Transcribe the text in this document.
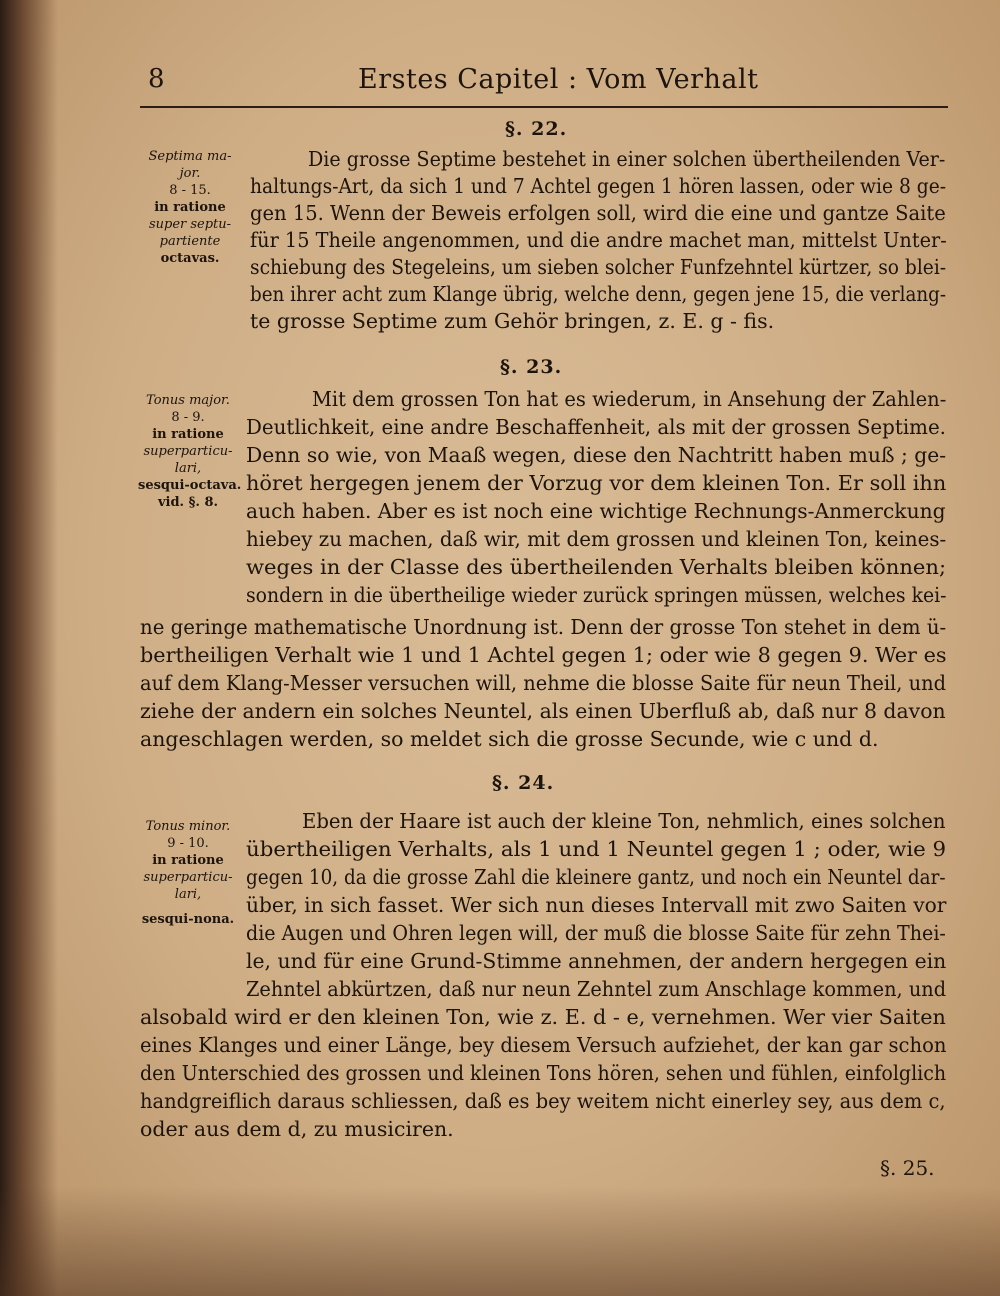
8	Erstes Capitel : Vom Verhalt
§. 22.
Septima ma-
jor.
8 - 15.
in ratione
super septu-
partiente
octavas.
Die grosse Septime bestehet in einer solchen übertheilenden Ver-
haltungs-Art, da sich 1 und 7 Achtel gegen 1 hören lassen, oder wie 8 ge-
gen 15. Wenn der Beweis erfolgen soll, wird die eine und gantze Saite
für 15 Theile angenommen, und die andre machet man, mittelst Unter-
schiebung des Stegeleins, um sieben solcher Funfzehntel kürtzer, so blei-
ben ihrer acht zum Klange übrig, welche denn, gegen jene 15, die verlang-
te grosse Septime zum Gehör bringen, z. E. g - fis.
§. 23.
Tonus major.
8 - 9.
in ratione
superparticu-
lari,
sesqui-octava.
vid. §. 8.
Mit dem grossen Ton hat es wiederum, in Ansehung der Zahlen-
Deutlichkeit, eine andre Beschaffenheit, als mit der grossen Septime.
Denn so wie, von Maaß wegen, diese den Nachtritt haben muß ; ge-
höret hergegen jenem der Vorzug vor dem kleinen Ton. Er soll ihn
auch haben. Aber es ist noch eine wichtige Rechnungs-Anmerckung
hiebey zu machen, daß wir, mit dem grossen und kleinen Ton, keines-
weges in der Classe des übertheilenden Verhalts bleiben können;
sondern in die übertheilige wieder zurück springen müssen, welches kei-
ne geringe mathematische Unordnung ist. Denn der grosse Ton stehet in dem ü-
bertheiligen Verhalt wie 1 und 1 Achtel gegen 1; oder wie 8 gegen 9. Wer es
auf dem Klang-Messer versuchen will, nehme die blosse Saite für neun Theil, und
ziehe der andern ein solches Neuntel, als einen Uberfluß ab, daß nur 8 davon
angeschlagen werden, so meldet sich die grosse Secunde, wie c und d.
§. 24.
Tonus minor.
9 - 10.
in ratione
superparticu-
lari,
sesqui-nona.
Eben der Haare ist auch der kleine Ton, nehmlich, eines solchen
übertheiligen Verhalts, als 1 und 1 Neuntel gegen 1 ; oder, wie 9
gegen 10, da die grosse Zahl die kleinere gantz, und noch ein Neuntel dar-
über, in sich fasset. Wer sich nun dieses Intervall mit zwo Saiten vor
die Augen und Ohren legen will, der muß die blosse Saite für zehn Thei-
le, und für eine Grund-Stimme annehmen, der andern hergegen ein
Zehntel abkürtzen, daß nur neun Zehntel zum Anschlage kommen, und
alsobald wird er den kleinen Ton, wie z. E. d - e, vernehmen. Wer vier Saiten
eines Klanges und einer Länge, bey diesem Versuch aufziehet, der kan gar schon
den Unterschied des grossen und kleinen Tons hören, sehen und fühlen, einfolglich
handgreiflich daraus schliessen, daß es bey weitem nicht einerley sey, aus dem c,
oder aus dem d, zu musiciren.
§. 25.
